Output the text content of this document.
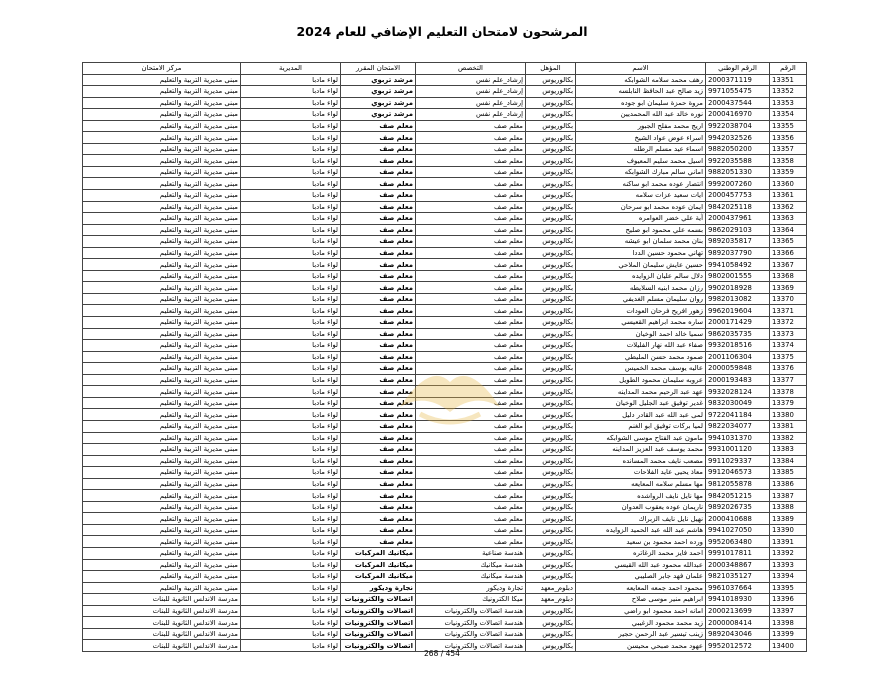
المرشحون لامتحان التعليم الإضافي للعام 2024
الرقم	الرقم الوطني	الاسم	المؤهل	التخصص	الامتحان المقرر	المديرية	مركز الامتحان
13351	2000371119	رهف محمد سلامه الشوابكه	بكالوريوس	إرشاد_علم نفس	مرشد تربوي	لواء مادبا	مبنى مديرية التربية والتعليم
13352	9971055475	زيد صالح عبد الحافظ النابلسه	بكالوريوس	إرشاد_علم نفس	مرشد تربوي	لواء مادبا	مبنى مديرية التربية والتعليم
13353	2000437544	مروة حمزة سليمان ابو جوده	بكالوريوس	إرشاد_علم نفس	مرشد تربوي	لواء مادبا	مبنى مديرية التربية والتعليم
13354	2000416970	نوره خالد عبد الله المحمديين	بكالوريوس	إرشاد_علم نفس	مرشد تربوي	لواء مادبا	مبنى مديرية التربية والتعليم
13355	9922038704	اريج محمد مفلح الجبور	بكالوريوس	معلم صف	معلم صف	لواء مادبا	مبنى مديرية التربية والتعليم
13356	9942032526	اسراء عوض عواد الشيخ	بكالوريوس	معلم صف	معلم صف	لواء مادبا	مبنى مديرية التربية والتعليم
13357	9882050200	اسماء عيد مسلم الرطله	بكالوريوس	معلم صف	معلم صف	لواء مادبا	مبنى مديرية التربية والتعليم
13358	9922035588	اسيل محمد سليم المعيوف	بكالوريوس	معلم صف	معلم صف	لواء مادبا	مبنى مديرية التربية والتعليم
13359	9882051330	اماني سالم مبارك الشوابكه	بكالوريوس	معلم صف	معلم صف	لواء مادبا	مبنى مديرية التربية والتعليم
13360	9992007260	انتصار عوده محمد ابو ساكنه	بكالوريوس	معلم صف	معلم صف	لواء مادبا	مبنى مديرية التربية والتعليم
13361	2000457753	ايات سعيد عزات سلامه	بكالوريوس	معلم صف	معلم صف	لواء مادبا	مبنى مديرية التربية والتعليم
13362	9842025118	ايمان عوده محمد ابو سرحان	بكالوريوس	معلم صف	معلم صف	لواء مادبا	مبنى مديرية التربية والتعليم
13363	2000437961	آية علي خضر العوامره	بكالوريوس	معلم صف	معلم صف	لواء مادبا	مبنى مديرية التربية والتعليم
13364	9862029103	بسمه علي محمود ابو صليح	بكالوريوس	معلم صف	معلم صف	لواء مادبا	مبنى مديرية التربية والتعليم
13365	9892035817	بنان محمد سلمان ابو عيشه	بكالوريوس	معلم صف	معلم صف	لواء مادبا	مبنى مديرية التربية والتعليم
13366	9892037790	تهاني محمود حسين الددا	بكالوريوس	معلم صف	معلم صف	لواء مادبا	مبنى مديرية التربية والتعليم
13367	9941058492	حسين عايش سليمان الملاحي	بكالوريوس	معلم صف	معلم صف	لواء مادبا	مبنى مديرية التربية والتعليم
13368	9802001555	دلال سالم عليان الزوايده	بكالوريوس	معلم صف	معلم صف	لواء مادبا	مبنى مديرية التربية والتعليم
13369	9902018928	رزان محمد ابنيه السلايطه	بكالوريوس	معلم صف	معلم صف	لواء مادبا	مبنى مديرية التربية والتعليم
13370	9982013082	روان سليمان مسلم الغديفي	بكالوريوس	معلم صف	معلم صف	لواء مادبا	مبنى مديرية التربية والتعليم
13371	9962019604	زهور افريح فرحان العودات	بكالوريوس	معلم صف	معلم صف	لواء مادبا	مبنى مديرية التربية والتعليم
13372	2000171429	ساره محمد ابراهيم القعيسي	بكالوريوس	معلم صف	معلم صف	لواء مادبا	مبنى مديرية التربية والتعليم
13373	9862035735	سميا خالد احمد الوخيان	بكالوريوس	معلم صف	معلم صف	لواء مادبا	مبنى مديرية التربية والتعليم
13374	9932018516	صفاء عبد الله نهار الفليلات	بكالوريوس	معلم صف	معلم صف	لواء مادبا	مبنى مديرية التربية والتعليم
13375	2001106304	صمود محمد حسن المليطي	بكالوريوس	معلم صف	معلم صف	لواء مادبا	مبنى مديرية التربية والتعليم
13376	2000059848	عاليه يوسف محمد الخميس	بكالوريوس	معلم صف	معلم صف	لواء مادبا	مبنى مديرية التربية والتعليم
13377	2000193483	عروبه سليمان محمود الطويل	بكالوريوس	معلم صف	معلم صف	لواء مادبا	مبنى مديرية التربية والتعليم
13378	9932028124	عهد عبد الرحيم محمد المداينه	بكالوريوس	معلم صف	معلم صف	لواء مادبا	مبنى مديرية التربية والتعليم
13379	9832030049	غدير توفيق عبد الجليل الوخيان	بكالوريوس	معلم صف	معلم صف	لواء مادبا	مبنى مديرية التربية والتعليم
13380	9722041184	لمى عبد الله عبد القادر دليل	بكالوريوس	معلم صف	معلم صف	لواء مادبا	مبنى مديرية التربية والتعليم
13381	9822034077	لميا بركات توفيق ابو الغنم	بكالوريوس	معلم صف	معلم صف	لواء مادبا	مبنى مديرية التربية والتعليم
13382	9941031370	مامون عبد الفتاح موسى الشوابكه	بكالوريوس	معلم صف	معلم صف	لواء مادبا	مبنى مديرية التربية والتعليم
13383	9931001120	محمد يوسف عبد العزيز المداينه	بكالوريوس	معلم صف	معلم صف	لواء مادبا	مبنى مديرية التربية والتعليم
13384	9911029337	مصعب نايف محمد المسانده	بكالوريوس	معلم صف	معلم صف	لواء مادبا	مبنى مديرية التربية والتعليم
13385	9912046573	معاذ يحيى عايد الفلاحات	بكالوريوس	معلم صف	معلم صف	لواء مادبا	مبنى مديرية التربية والتعليم
13386	9812055878	مها مسلم سلامه المعايعه	بكالوريوس	معلم صف	معلم صف	لواء مادبا	مبنى مديرية التربية والتعليم
13387	9842051215	مها نايل نايف الرواشده	بكالوريوس	معلم صف	معلم صف	لواء مادبا	مبنى مديرية التربية والتعليم
13388	9892026735	ناريمان عوده يعقوب العدوان	بكالوريوس	معلم صف	معلم صف	لواء مادبا	مبنى مديرية التربية والتعليم
13389	2000410688	نهيل نايل نايف الزبراك	بكالوريوس	معلم صف	معلم صف	لواء مادبا	مبنى مديرية التربية والتعليم
13390	9941027050	هاشم عبد الله عبد الحميد الزوايده	بكالوريوس	معلم صف	معلم صف	لواء مادبا	مبنى مديرية التربية والتعليم
13391	9952063480	ورده احمد محمود بن سعيد	بكالوريوس	معلم صف	معلم صف	لواء مادبا	مبنى مديرية التربية والتعليم
13392	9991017811	احمد فايز محمد الزغاتره	بكالوريوس	هندسة صناعية	ميكانيك المركبات	لواء مادبا	مبنى مديرية التربية والتعليم
13393	2000348867	عبدالله محمود عبد الله القيسي	بكالوريوس	هندسة ميكانيك	ميكانيك المركبات	لواء مادبا	مبنى مديرية التربية والتعليم
13394	9821035127	علمان فهد جابر الصليبي	بكالوريوس	هندسة ميكانيك	ميكانيك المركبات	لواء مادبا	مبنى مديرية التربية والتعليم
13395	9961037664	محمود احمد جمعه المعايعه	دبلوم_معهد	تجارة وديكور	نجارة وديكور	لواء مادبا	مبنى مديرية التربية والتعليم
13396	9941018930	ابراهيم منير موسى صلاح	دبلوم_معهد	ميكا الكترونيك	اتصالات والكترونيات	لواء مادبا	مدرسة الاندلس الثانوية للبنات
13397	2000213699	امانه احمد محمود ابو راضي	بكالوريوس	هندسة اتصالات والكترونيات	اتصالات والكترونيات	لواء مادبا	مدرسة الاندلس الثانوية للبنات
13398	2000008414	زيد محمد محمود الزغيبي	بكالوريوس	هندسة اتصالات والكترونيات	اتصالات والكترونيات	لواء مادبا	مدرسة الاندلس الثانوية للبنات
13399	9892043046	زينب تيسير عبد الرحمن حجير	بكالوريوس	هندسة اتصالات والكترونيات	اتصالات والكترونيات	لواء مادبا	مدرسة الاندلس الثانوية للبنات
13400	9952012572	عهود محمد صبحي محيسن	بكالوريوس	هندسة اتصالات والكترونيات	اتصالات والكترونيات	لواء مادبا	مدرسة الاندلس الثانوية للبنات
268 / 454
